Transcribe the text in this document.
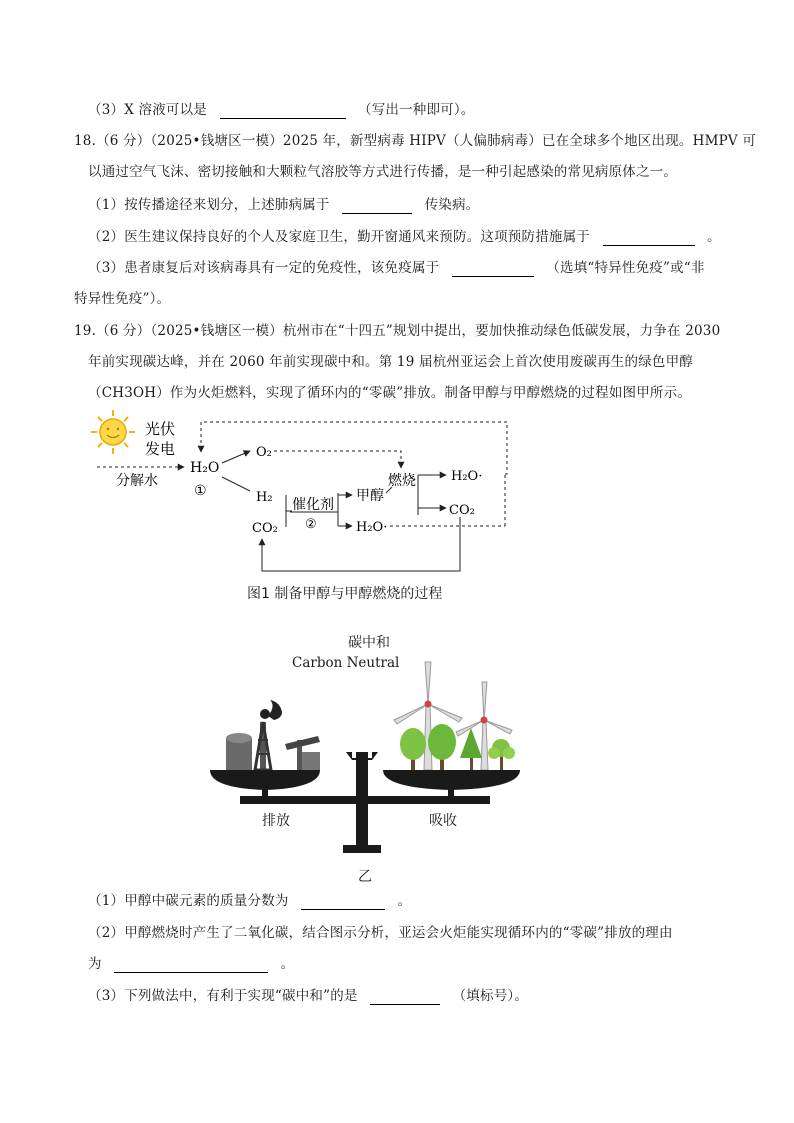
（3）X 溶液可以是	（写出一种即可）。
18.（6 分）（2025•钱塘区一模）2025 年，新型病毒 HIPV（人偏肺病毒）已在全球多个地区出现。HMPV 可
以通过空气飞沫、密切接触和大颗粒气溶胶等方式进行传播，是一种引起感染的常见病原体之一。
（1）按传播途径来划分，上述肺病属于	传染病。
（2）医生建议保持良好的个人及家庭卫生，勤开窗通风来预防。这项预防措施属于	。
（3）患者康复后对该病毒具有一定的免疫性，该免疫属于	（选填“特异性免疫”或“非
特异性免疫”）。
19.（6 分）（2025•钱塘区一模）杭州市在“十四五”规划中提出，要加快推动绿色低碳发展，力争在 2030
年前实现碳达峰，并在 2060 年前实现碳中和。第 19 届杭州亚运会上首次使用废碳再生的绿色甲醇
（CH3OH）作为火炬燃料，实现了循环内的“零碳”排放。制备甲醇与甲醇燃烧的过程如图甲所示。
光伏
发电
分解水
H₂O
①
O₂
H₂
CO₂
催化剂
②
甲醇
H₂O·
燃烧	H₂O·
CO₂
图1 制备甲醇与甲醇燃烧的过程
碳中和
Carbon Neutral
排放	吸收
乙
（1）甲醇中碳元素的质量分数为	。
（2）甲醇燃烧时产生了二氧化碳，结合图示分析，亚运会火炬能实现循环内的“零碳”排放的理由
为	。
（3）下列做法中，有利于实现“碳中和”的是	（填标号）。
